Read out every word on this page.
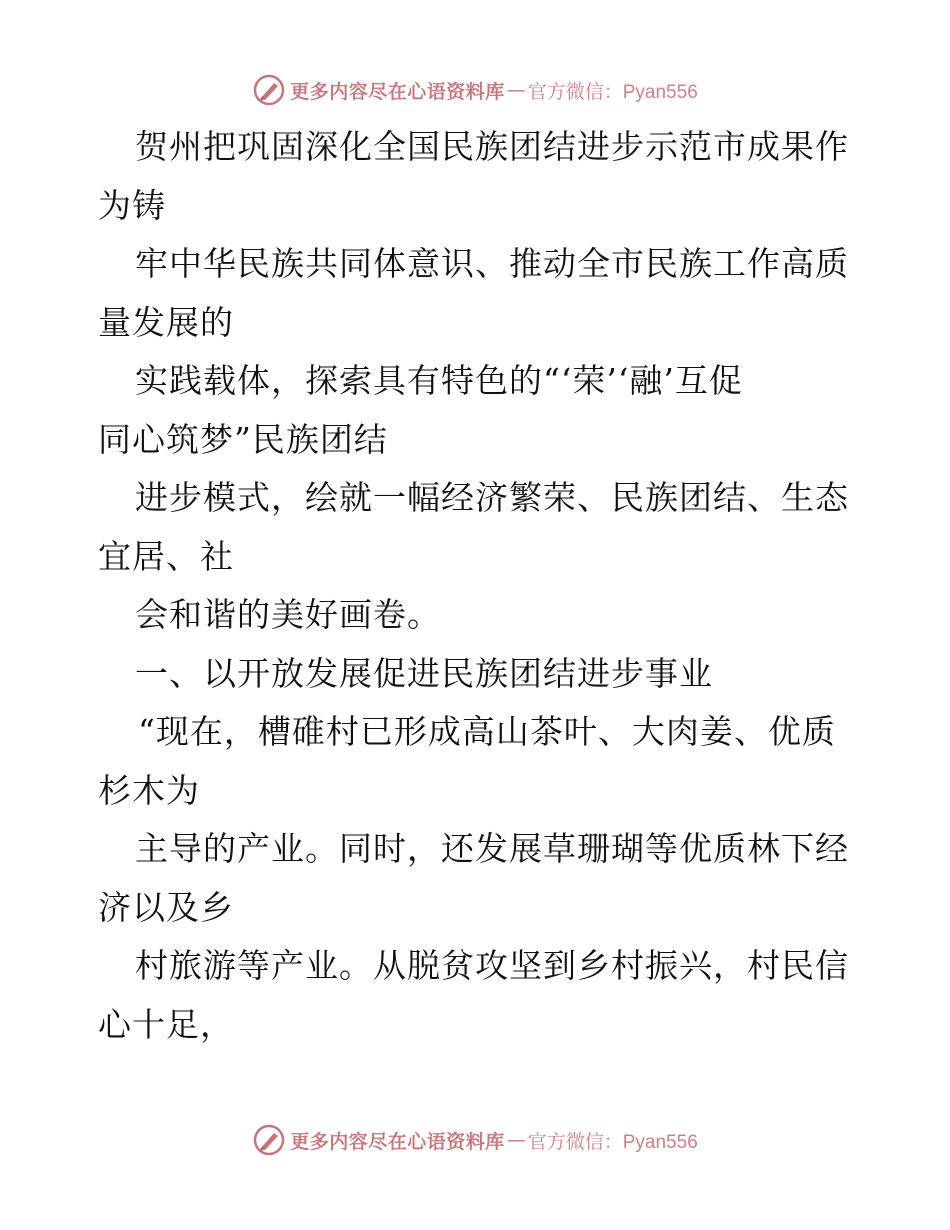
更多内容尽在心语资料库 — 官方微信：Pyan556
贺州把巩固深化全国民族团结进步示范市成果作
为铸
牢中华民族共同体意识、推动全市民族工作高质
量发展的
实践载体，探索具有特色的“‘荣’‘融’互促
同心筑梦”民族团结
进步模式，绘就一幅经济繁荣、民族团结、生态
宜居、社
会和谐的美好画卷。
一、以开放发展促进民族团结进步事业
“现在，槽碓村已形成高山茶叶、大肉姜、优质
杉木为
主导的产业。同时，还发展草珊瑚等优质林下经
济以及乡
村旅游等产业。从脱贫攻坚到乡村振兴，村民信
心十足，
更多内容尽在心语资料库 — 官方微信：Pyan556
